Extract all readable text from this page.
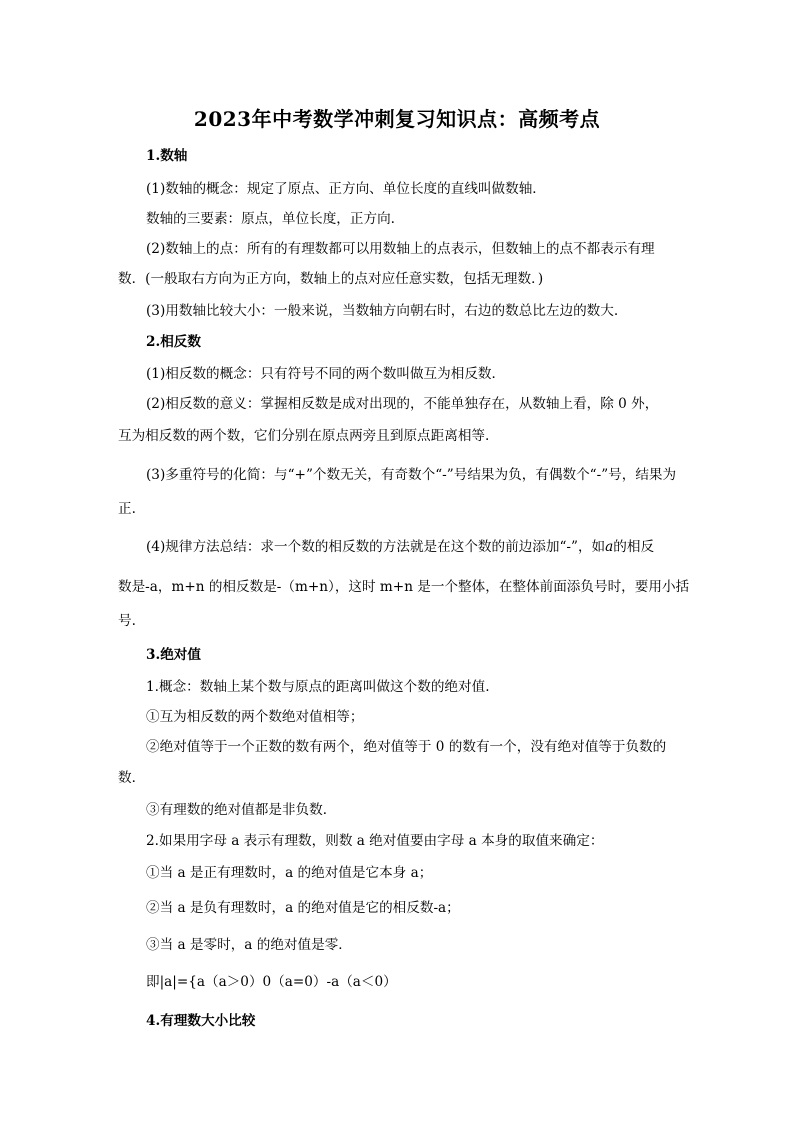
2023年中考数学冲刺复习知识点：高频考点
1.数轴
(1)数轴的概念：规定了原点、正方向、单位长度的直线叫做数轴．
数轴的三要素：原点，单位长度，正方向.
(2)数轴上的点：所有的有理数都可以用数轴上的点表示，但数轴上的点不都表示有理
数．(一般取右方向为正方向，数轴上的点对应任意实数，包括无理数．)
(3)用数轴比较大小：一般来说，当数轴方向朝右时，右边的数总比左边的数大.
2.相反数
(1)相反数的概念：只有符号不同的两个数叫做互为相反数．
(2)相反数的意义：掌握相反数是成对出现的，不能单独存在，从数轴上看，除 0 外，
互为相反数的两个数，它们分别在原点两旁且到原点距离相等.
(3)多重符号的化简：与“+”个数无关，有奇数个“-”号结果为负，有偶数个“-”号，结果为
正.
(4)规律方法总结：求一个数的相反数的方法就是在这个数的前边添加“-”，如a的相反
数是-a，m+n 的相反数是-（m+n），这时 m+n 是一个整体，在整体前面添负号时，要用小括
号.
3.绝对值
1.概念：数轴上某个数与原点的距离叫做这个数的绝对值.
①互为相反数的两个数绝对值相等；
②绝对值等于一个正数的数有两个，绝对值等于 0 的数有一个，没有绝对值等于负数的
数．
③有理数的绝对值都是非负数．
2.如果用字母 a 表示有理数，则数 a 绝对值要由字母 a 本身的取值来确定：
①当 a 是正有理数时，a 的绝对值是它本身 a；
②当 a 是负有理数时，a 的绝对值是它的相反数-a；
③当 a 是零时，a 的绝对值是零．
即|a|={a（a＞0）0（a=0）-a（a＜0）
4.有理数大小比较
